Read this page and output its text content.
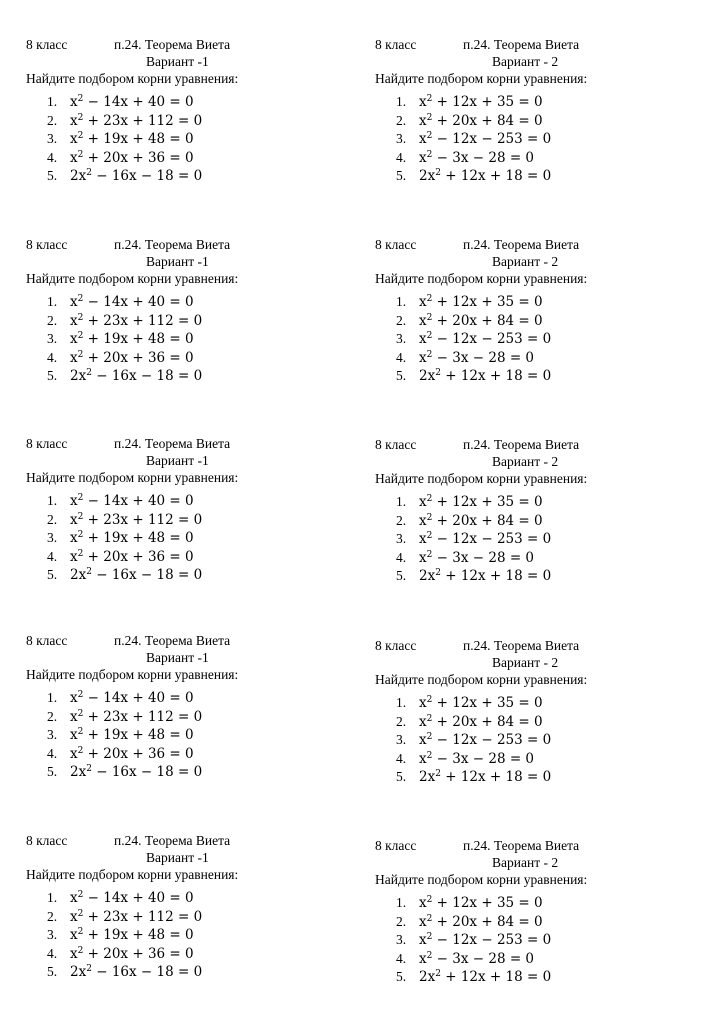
8 класс	п.24. Теорема Виета
Вариант -1
Найдите подбором корни уравнения:
1. $x^2 - 14x + 40 = 0$
2. $x^2 + 23x + 112 = 0$
3. $x^2 + 19x + 48 = 0$
4. $x^2 + 20x + 36 = 0$
5. $2x^2 - 16x - 18 = 0$
8 класс	п.24. Теорема Виета
Вариант - 2
Найдите подбором корни уравнения:
1. $x^2 + 12x + 35 = 0$
2. $x^2 + 20x + 84 = 0$
3. $x^2 - 12x - 253 = 0$
4. $x^2 - 3x - 28 = 0$
5. $2x^2 + 12x + 18 = 0$
8 класс	п.24. Теорема Виета
Вариант -1
Найдите подбором корни уравнения:
1. $x^2 - 14x + 40 = 0$
2. $x^2 + 23x + 112 = 0$
3. $x^2 + 19x + 48 = 0$
4. $x^2 + 20x + 36 = 0$
5. $2x^2 - 16x - 18 = 0$
8 класс	п.24. Теорема Виета
Вариант - 2
Найдите подбором корни уравнения:
1. $x^2 + 12x + 35 = 0$
2. $x^2 + 20x + 84 = 0$
3. $x^2 - 12x - 253 = 0$
4. $x^2 - 3x - 28 = 0$
5. $2x^2 + 12x + 18 = 0$
8 класс	п.24. Теорема Виета
Вариант -1
Найдите подбором корни уравнения:
1. $x^2 - 14x + 40 = 0$
2. $x^2 + 23x + 112 = 0$
3. $x^2 + 19x + 48 = 0$
4. $x^2 + 20x + 36 = 0$
5. $2x^2 - 16x - 18 = 0$
8 класс	п.24. Теорема Виета
Вариант - 2
Найдите подбором корни уравнения:
1. $x^2 + 12x + 35 = 0$
2. $x^2 + 20x + 84 = 0$
3. $x^2 - 12x - 253 = 0$
4. $x^2 - 3x - 28 = 0$
5. $2x^2 + 12x + 18 = 0$
8 класс	п.24. Теорема Виета
Вариант -1
Найдите подбором корни уравнения:
1. $x^2 - 14x + 40 = 0$
2. $x^2 + 23x + 112 = 0$
3. $x^2 + 19x + 48 = 0$
4. $x^2 + 20x + 36 = 0$
5. $2x^2 - 16x - 18 = 0$
8 класс	п.24. Теорема Виета
Вариант - 2
Найдите подбором корни уравнения:
1. $x^2 + 12x + 35 = 0$
2. $x^2 + 20x + 84 = 0$
3. $x^2 - 12x - 253 = 0$
4. $x^2 - 3x - 28 = 0$
5. $2x^2 + 12x + 18 = 0$
8 класс	п.24. Теорема Виета
Вариант -1
Найдите подбором корни уравнения:
1. $x^2 - 14x + 40 = 0$
2. $x^2 + 23x + 112 = 0$
3. $x^2 + 19x + 48 = 0$
4. $x^2 + 20x + 36 = 0$
5. $2x^2 - 16x - 18 = 0$
8 класс	п.24. Теорема Виета
Вариант - 2
Найдите подбором корни уравнения:
1. $x^2 + 12x + 35 = 0$
2. $x^2 + 20x + 84 = 0$
3. $x^2 - 12x - 253 = 0$
4. $x^2 - 3x - 28 = 0$
5. $2x^2 + 12x + 18 = 0$
